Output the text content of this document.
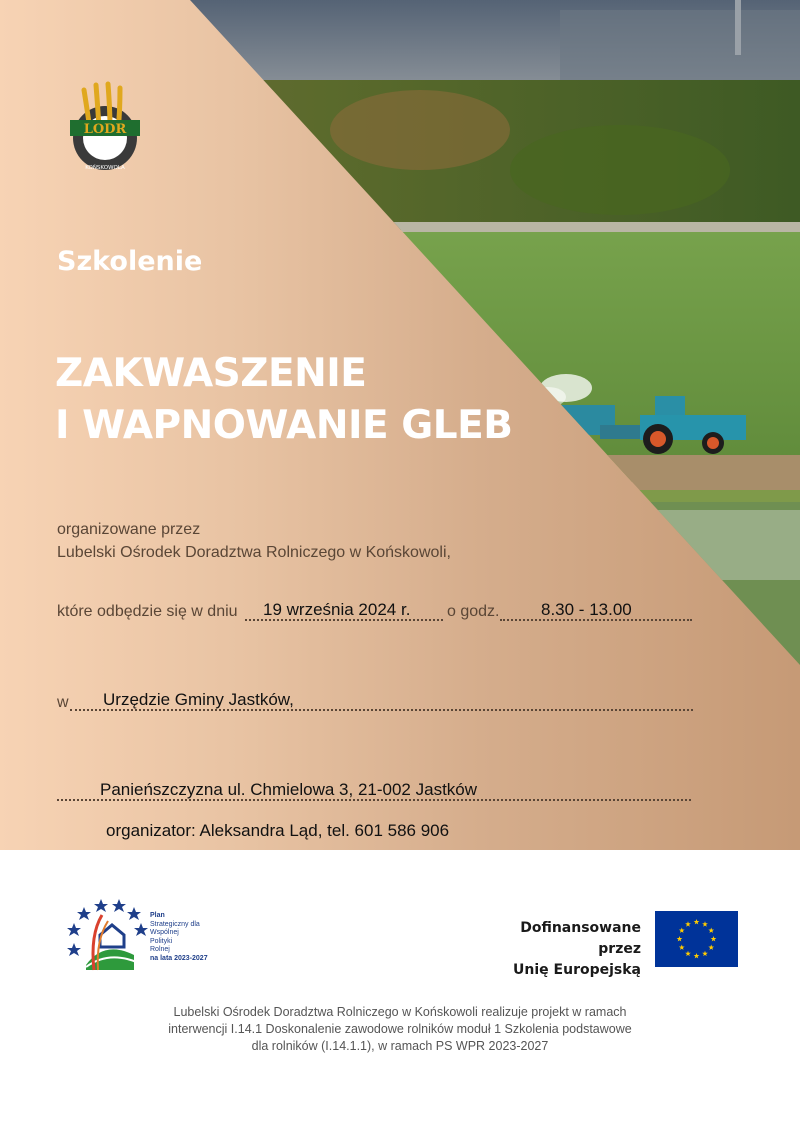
LODR
KOŃSKOWOLA
Szkolenie
ZAKWASZENIE
I WAPNOWANIE GLEB
organizowane przez
Lubelski Ośrodek Doradztwa Rolniczego w Końskowoli,
które odbędzie się w dniu 19 września 2024 r. o godz. 8.30 - 13.00
w Urzędzie Gminy Jastków,
Panieńszczyzna ul. Chmielowa 3, 21-002 Jastków
organizator: Aleksandra Ląd, tel. 601 586 906
Plan
Strategiczny dla
Wspólnej
Polityki
Rolnej
na lata 2023-2027
Dofinansowane przez
Unię Europejską
Lubelski Ośrodek Doradztwa Rolniczego w Końskowoli realizuje projekt w ramach
interwencji I.14.1 Doskonalenie zawodowe rolników moduł 1 Szkolenia podstawowe
dla rolników (I.14.1.1), w ramach PS WPR 2023-2027
